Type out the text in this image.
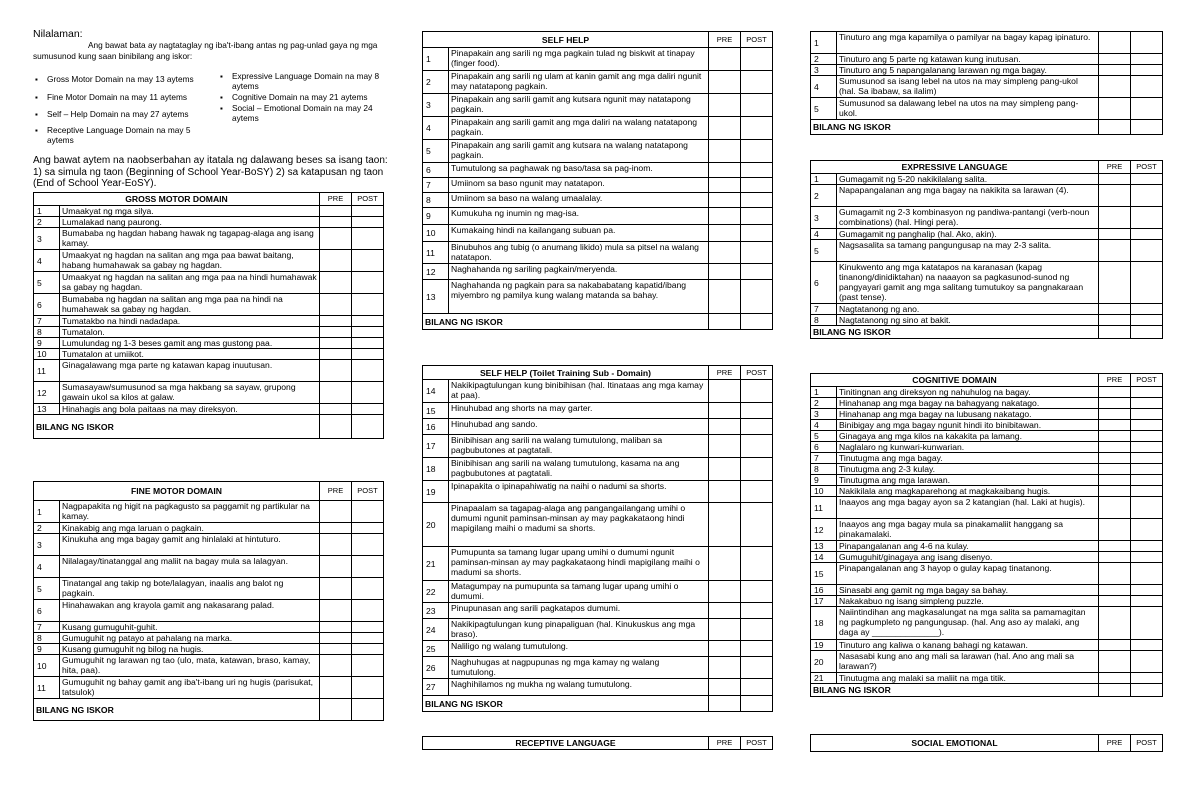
Nilalaman:
Ang bawat bata ay nagtataglay ng iba't-ibang antas ng pag-unlad gaya ng mga sumusunod kung saan binibilang ang iskor:
▪ Gross Motor Domain na may 13 aytems
▪ Fine Motor Domain na may 11 aytems
▪ Self – Help Domain na may 27 aytems
▪ Receptive Language Domain na may 5 aytems
▪ Expressive Language Domain na may 8 aytems
▪ Cognitive Domain na may 21 aytems
▪ Social – Emotional Domain na may 24 aytems
Ang bawat aytem na naobserbahan ay itatala ng dalawang beses sa isang taon: 1) sa simula ng taon (Beginning of School Year-BoSY) 2) sa katapusan ng taon (End of School Year-EoSY).
GROSS MOTOR DOMAIN		PRE	POST
1	Umaakyat ng mga silya.		
2	Lumalakad nang paurong.		
3	Bumababa ng hagdan habang hawak ng tagapag-alaga ang isang kamay.		
4	Umaakyat ng hagdan na salitan ang mga paa bawat baitang, habang humahawak sa gabay ng hagdan.		
5	Umaakyat ng hagdan na salitan ang mga paa na hindi humahawak sa gabay ng hagdan.		
6	Bumababa ng hagdan na salitan ang mga paa na hindi na humahawak sa gabay ng hagdan.		
7	Tumatakbo na hindi nadadapa.		
8	Tumatalon.		
9	Lumulundag ng 1-3 beses gamit ang mas gustong paa.		
10	Tumatalon at umiikot.		
11	Ginagalawang mga parte ng katawan kapag inuutusan.		
12	Sumasayaw/sumusunod sa mga hakbang sa sayaw, grupong gawain ukol sa kilos at galaw.		
13	Hinahagis ang bola paitaas na may direksyon.		
BILANG NG ISKOR			
FINE MOTOR DOMAIN		PRE	POST
1	Nagpapakita ng higit na pagkagusto sa paggamit ng partikular na kamay.		
2	Kinakabig ang mga laruan o pagkain.		
3	Kinukuha ang mga bagay gamit ang hinlalaki at hintuturo.		
4	Nilalagay/tinatanggal ang maliit na bagay mula sa lalagyan.		
5	Tinatangal ang takip ng bote/lalagyan, inaalis ang balot ng pagkain.		
6	Hinahawakan ang krayola gamit ang nakasarang palad.		
7	Kusang gumuguhit-guhit.		
8	Gumuguhit ng patayo at pahalang na marka.		
9	Kusang gumuguhit ng bilog na hugis.		
10	Gumuguhit ng larawan ng tao (ulo, mata, katawan, braso, kamay, hita, paa).		
11	Gumuguhit ng bahay gamit ang iba't-ibang uri ng hugis (parisukat, tatsulok)		
BILANG NG ISKOR			
SELF HELP		PRE	POST
1	Pinapakain ang sarili ng mga pagkain tulad ng biskwit at tinapay (finger food).		
2	Pinapakain ang sarili ng ulam at kanin gamit ang mga daliri ngunit may natatapong pagkain.		
3	Pinapakain ang sarili gamit ang kutsara ngunit may natatapong pagkain.		
4	Pinapakain ang sarili gamit ang mga daliri na walang natatapong pagkain.		
5	Pinapakain ang sarili gamit ang kutsara na walang natatapong pagkain.		
6	Tumutulong sa paghawak ng baso/tasa sa pag-inom.		
7	Umiinom sa baso ngunit may natatapon.		
8	Umiinom sa baso na walang umaalalay.		
9	Kumukuha ng inumin ng mag-isa.		
10	Kumakaing hindi na kailangang subuan pa.		
11	Binubuhos ang tubig (o anumang likido) mula sa pitsel na walang natatapon.		
12	Naghahanda ng sariling pagkain/meryenda.		
13	Naghahanda ng pagkain para sa nakababatang kapatid/ibang miyembro ng pamilya kung walang matanda sa bahay.		
BILANG NG ISKOR			
SELF HELP (Toilet Training Sub - Domain)		PRE	POST
14	Nakikipagtulungan kung binibihisan (hal. Itinataas ang mga kamay at paa).		
15	Hinuhubad ang shorts na may garter.		
16	Hinuhubad ang sando.		
17	Binibihisan ang sarili na walang tumutulong, maliban sa pagbubutones at pagtatali.		
18	Binibihisan ang sarili na walang tumutulong, kasama na ang pagbubutones at pagtatali.		
19	Ipinapakita o ipinapahiwatig na naihi o nadumi sa shorts.		
20	Pinapaalam sa tagapag-alaga ang pangangailangang umihi o dumumi ngunit paminsan-minsan ay may pagkakataong hindi mapigilang maihi o madumi sa shorts.		
21	Pumupunta sa tamang lugar upang umihi o dumumi ngunit paminsan-minsan ay may pagkakataong hindi mapigilang maihi o madumi sa shorts.		
22	Matagumpay na pumupunta sa tamang lugar upang umihi o dumumi.		
23	Pinupunasan ang sarili pagkatapos dumumi.		
24	Nakikipagtulungan kung pinapaliguan (hal. Kinukuskus ang mga braso).		
25	Naliligo ng walang tumutulong.		
26	Naghuhugas at nagpupunas ng mga kamay ng walang tumutulong.		
27	Naghihilamos ng mukha ng walang tumutulong.		
BILANG NG ISKOR			
RECEPTIVE LANGUAGE	PRE	POST
1	Tinuturo ang mga kapamilya o pamilyar na bagay kapag ipinaturo.		
2	Tinuturo ang 5 parte ng katawan kung inutusan.		
3	Tinuturo ang 5 napangalanang larawan ng mga bagay.		
4	Sumusunod sa isang lebel na utos na may simpleng pang-ukol (hal. Sa ibabaw, sa ilalim)		
5	Sumusunod sa dalawang lebel na utos na may simpleng pang-ukol.		
BILANG NG ISKOR			
EXPRESSIVE LANGUAGE		PRE	POST
1	Gumagamit ng 5-20 nakikilalang salita.		
2	Napapangalanan ang mga bagay na nakikita sa larawan (4).		
3	Gumagamit ng 2-3 kombinasyon ng pandiwa-pantangi (verb-noun combinations) (hal. Hingi pera).		
4	Gumagamit ng panghalip (hal. Ako, akin).		
5	Nagsasalita sa tamang pangungusap na may 2-3 salita.		
6	Kinukwento ang mga katatapos na karanasan (kapag tinanong/dinidiktahan) na naaayon sa pagkasunod-sunod ng pangyayari gamit ang mga salitang tumutukoy sa pangnakaraan (past tense).		
7	Nagtatanong ng ano.		
8	Nagtatanong ng sino at bakit.		
BILANG NG ISKOR			
COGNITIVE DOMAIN		PRE	POST
1	Tinitingnan ang direksyon ng nahuhulog na bagay.		
2	Hinahanap ang mga bagay na bahagyang nakatago.		
3	Hinahanap ang mga bagay na lubusang nakatago.		
4	Binibigay ang mga bagay ngunit hindi ito binibitawan.		
5	Ginagaya ang mga kilos na kakakita pa lamang.		
6	Naglalaro ng kunwari-kunwarian.		
7	Tinutugma ang mga bagay.		
8	Tinutugma ang 2-3 kulay.		
9	Tinutugma ang mga larawan.		
10	Nakikilala ang magkaparehong at magkakaibang hugis.		
11	Inaayos ang mga bagay ayon sa 2 katangian (hal. Laki at hugis).		
12	Inaayos ang mga bagay mula sa pinakamaliit hanggang sa pinakamalaki.		
13	Pinapangalanan ang 4-6 na kulay.		
14	Gumuguhit/ginagaya ang isang disenyo.		
15	Pinapangalanan ang 3 hayop o gulay kapag tinatanong.		
16	Sinasabi ang gamit ng mga bagay sa bahay.		
17	Nakakabuo ng isang simpleng puzzle.		
18	Naiintindihan ang magkasalungat na mga salita sa pamamagitan ng pagkumpleto ng pangungusap. (hal. Ang aso ay malaki, ang daga ay ______________).		
19	Tinuturo ang kaliwa o kanang bahagi ng katawan.		
20	Nasasabi kung ano ang mali sa larawan (hal. Ano ang mali sa larawan?)		
21	Tinutugma ang malaki sa maliit na mga titik.		
BILANG NG ISKOR			
SOCIAL EMOTIONAL	PRE	POST
